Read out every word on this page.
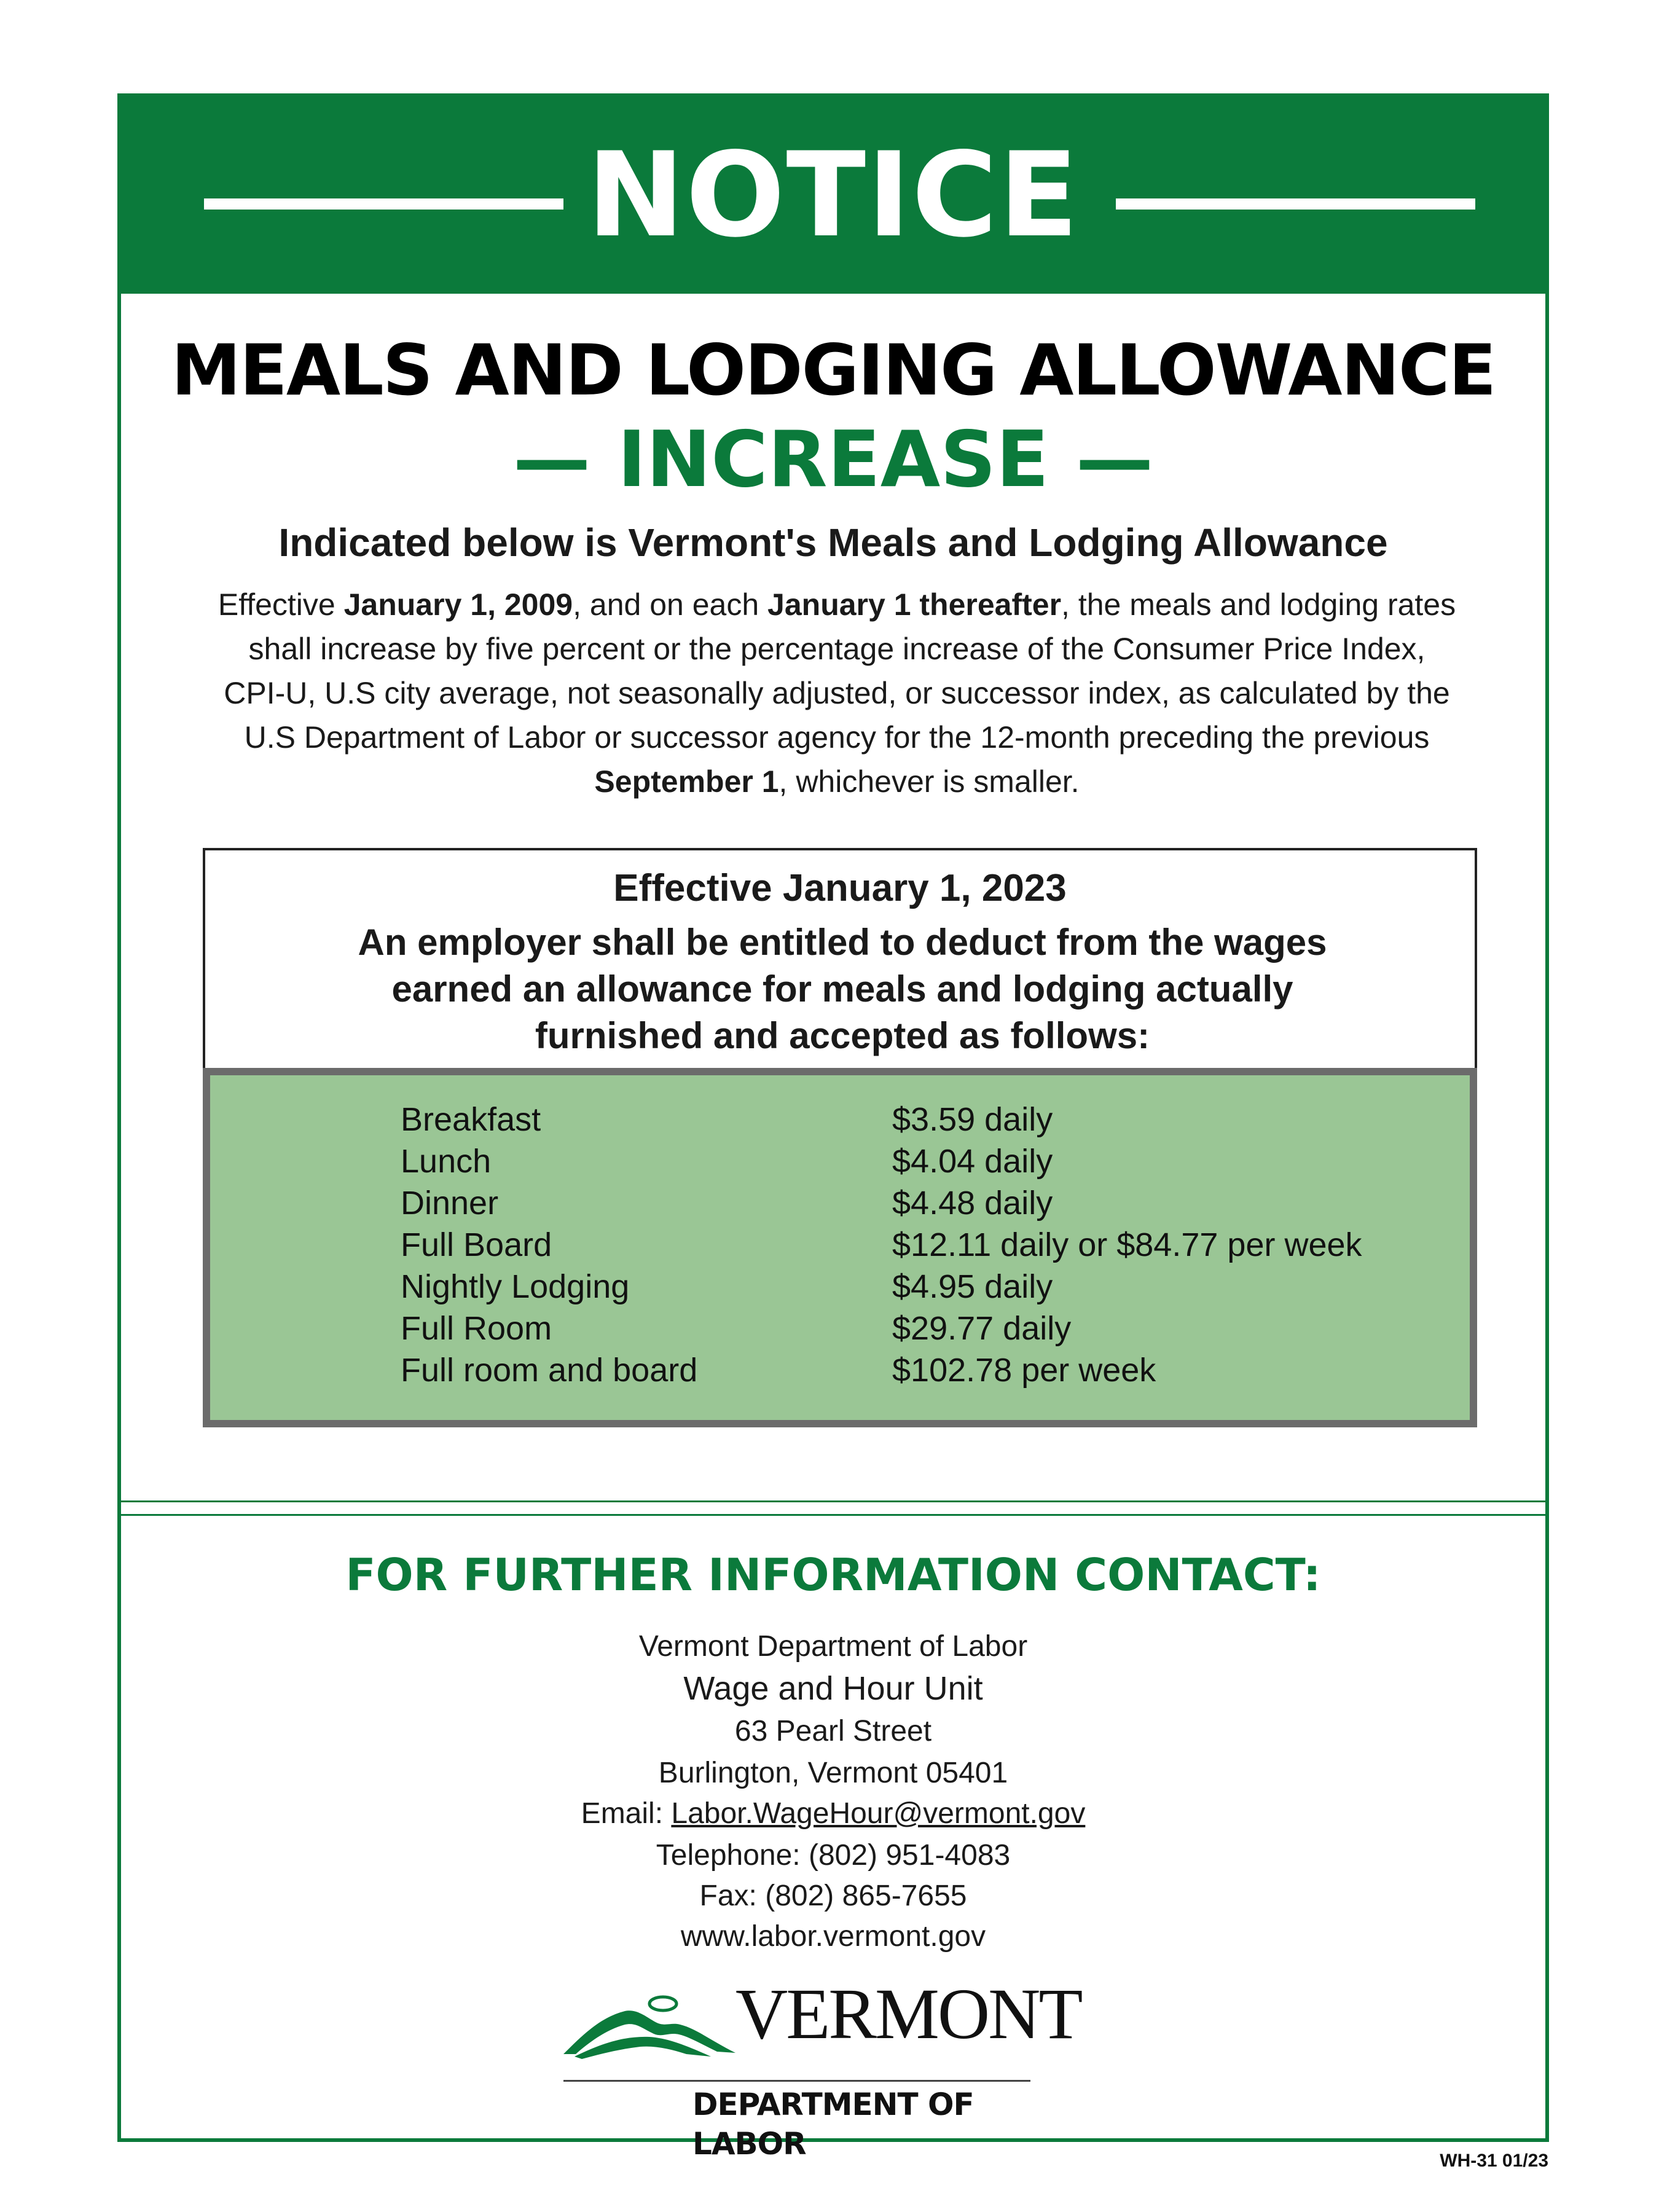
NOTICE
MEALS AND LODGING ALLOWANCE
— INCREASE —
Indicated below is Vermont's Meals and Lodging Allowance
Effective January 1, 2009, and on each January 1 thereafter, the meals and lodging rates shall increase by five percent or the percentage increase of the Consumer Price Index, CPI-U, U.S city average, not seasonally adjusted, or successor index, as calculated by the U.S Department of Labor or successor agency for the 12-month preceding the previous September 1, whichever is smaller.
Effective January 1, 2023
An employer shall be entitled to deduct from the wages
earned an allowance for meals and lodging actually
furnished and accepted as follows:
Breakfast	$3.59 daily
Lunch	$4.04 daily
Dinner	$4.48 daily
Full Board	$12.11 daily or $84.77 per week
Nightly Lodging	$4.95 daily
Full Room	$29.77 daily
Full room and board	$102.78 per week
FOR FURTHER INFORMATION CONTACT:
Vermont Department of Labor
Wage and Hour Unit
63 Pearl Street
Burlington, Vermont 05401
Email: Labor.WageHour@vermont.gov
Telephone: (802) 951-4083
Fax: (802) 865-7655
www.labor.vermont.gov
VERMONT
DEPARTMENT OF LABOR	WH-31 01/23
